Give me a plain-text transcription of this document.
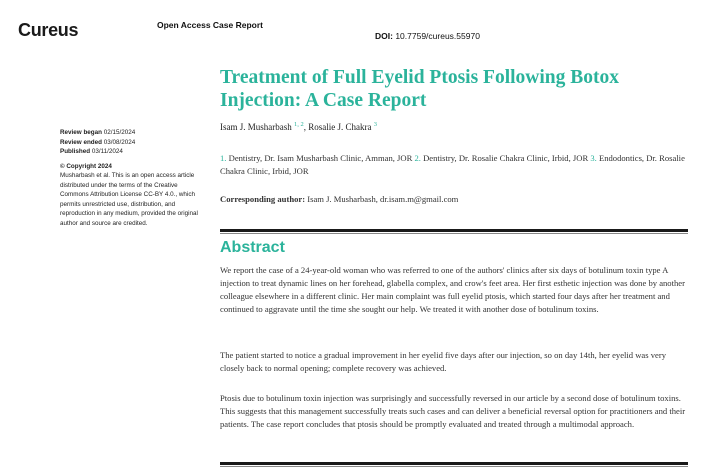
Cureus	Open Access Case Report
DOI: 10.7759/cureus.55970
Treatment of Full Eyelid Ptosis Following Botox Injection: A Case Report
Isam J. Musharbash $^{1, 2}$, Rosalie J. Chakra $^3$

1. Dentistry, Dr. Isam Musharbash Clinic, Amman, JOR 2. Dentistry, Dr. Rosalie Chakra Clinic, Irbid, JOR 3. Endodontics, Dr. Rosalie Chakra Clinic, Irbid, JOR

Corresponding author: Isam J. Musharbash, dr.isam.m@gmail.com
Review began 02/15/2024
Review ended 03/08/2024
Published 03/11/2024
© Copyright 2024
Musharbash et al. This is an open access article distributed under the terms of the Creative Commons Attribution License CC-BY 4.0., which permits unrestricted use, distribution, and reproduction in any medium, provided the original author and source are credited.
Abstract

We report the case of a 24-year-old woman who was referred to one of the authors' clinics after six days of botulinum toxin type A injection to treat dynamic lines on her forehead, glabella complex, and crow's feet area. Her first esthetic injection was done by another colleague elsewhere in a different clinic. Her main complaint was full eyelid ptosis, which started four days after her treatment and continued to aggravate until the time she sought our help. We treated it with another dose of botulinum toxins.

The patient started to notice a gradual improvement in her eyelid five days after our injection, so on day 14th, her eyelid was very closely back to normal opening; complete recovery was achieved.

Ptosis due to botulinum toxin injection was surprisingly and successfully reversed in our article by a second dose of botulinum toxins. This suggests that this management successfully treats such cases and can deliver a beneficial reversal option for practitioners and their patients. The case report concludes that ptosis should be promptly evaluated and treated through a multimodal approach.
